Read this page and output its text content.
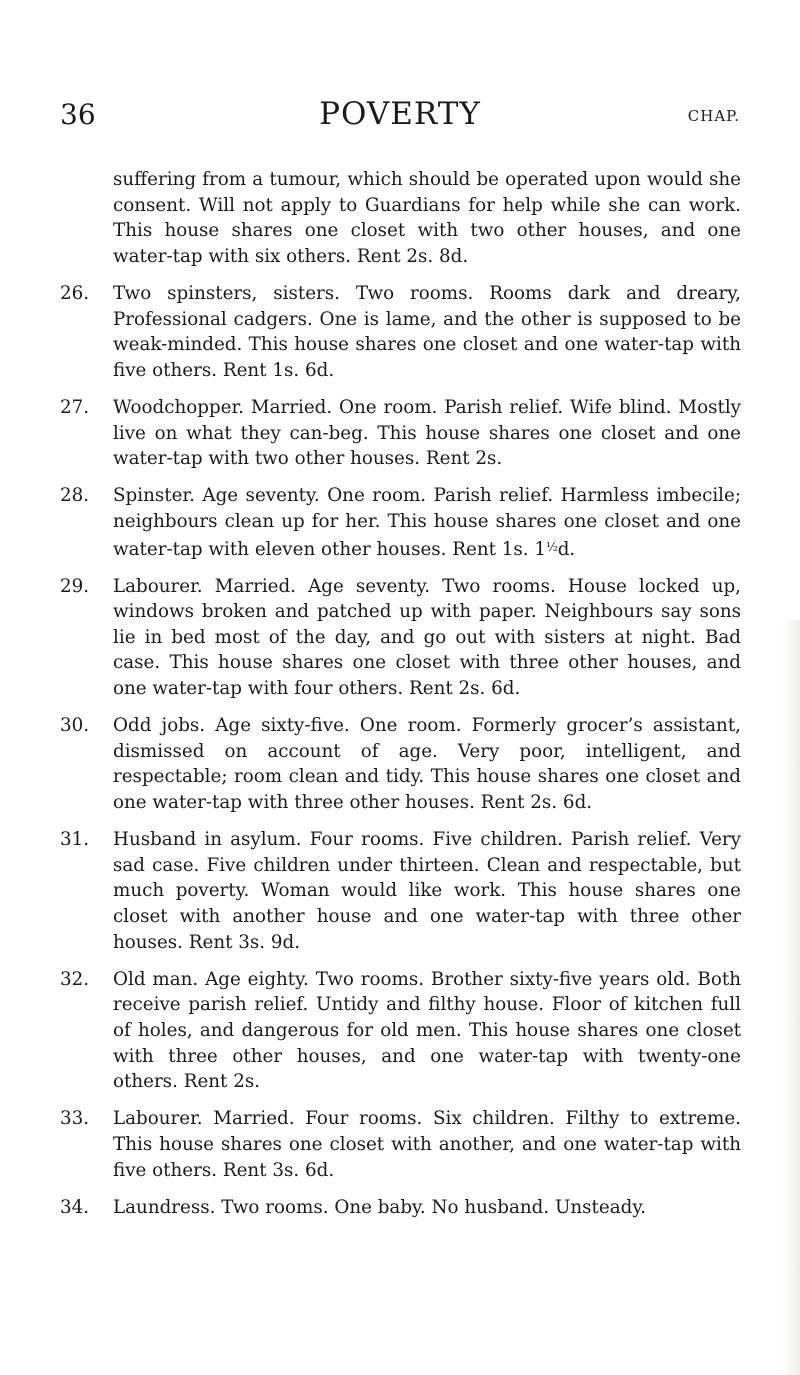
36	POVERTY	CHAP.

suffering from a tumour, which should be operated upon would she consent. Will not apply to Guardians for help while she can work. This house shares one closet with two other houses, and one water-tap with six others. Rent 2s. 8d.

26.	Two spinsters, sisters. Two rooms. Rooms dark and dreary, Professional cadgers. One is lame, and the other is supposed to be weak-minded. This house shares one closet and one water-tap with five others. Rent 1s. 6d.
27.	Woodchopper. Married. One room. Parish relief. Wife blind. Mostly live on what they can-beg. This house shares one closet and one water-tap with two other houses. Rent 2s.
28.	Spinster. Age seventy. One room. Parish relief. Harmless imbecile; neighbours clean up for her. This house shares one closet and one water-tap with eleven other houses. Rent 1s. $1^{\frac{1}{2}}d$.
29.	Labourer. Married. Age seventy. Two rooms. House locked up, windows broken and patched up with paper. Neighbours say sons lie in bed most of the day, and go out with sisters at night. Bad case. This house shares one closet with three other houses, and one water-tap with four others. Rent 2s. 6d.
30.	Odd jobs. Age sixty-five. One room. Formerly grocer’s assistant, dismissed on account of age. Very poor, intelligent, and respectable; room clean and tidy. This house shares one closet and one water-tap with three other houses. Rent 2s. 6d.
31.	Husband in asylum. Four rooms. Five children. Parish relief. Very sad case. Five children under thirteen. Clean and respectable, but much poverty. Woman would like work. This house shares one closet with another house and one water-tap with three other houses. Rent 3s. 9d.
32.	Old man. Age eighty. Two rooms. Brother sixty-five years old. Both receive parish relief. Untidy and filthy house. Floor of kitchen full of holes, and dangerous for old men. This house shares one closet with three other houses, and one water-tap with twenty-one others. Rent 2s.
33.	Labourer. Married. Four rooms. Six children. Filthy to extreme. This house shares one closet with another, and one water-tap with five others. Rent 3s. 6d.
34.	Laundress. Two rooms. One baby. No husband. Unsteady.
